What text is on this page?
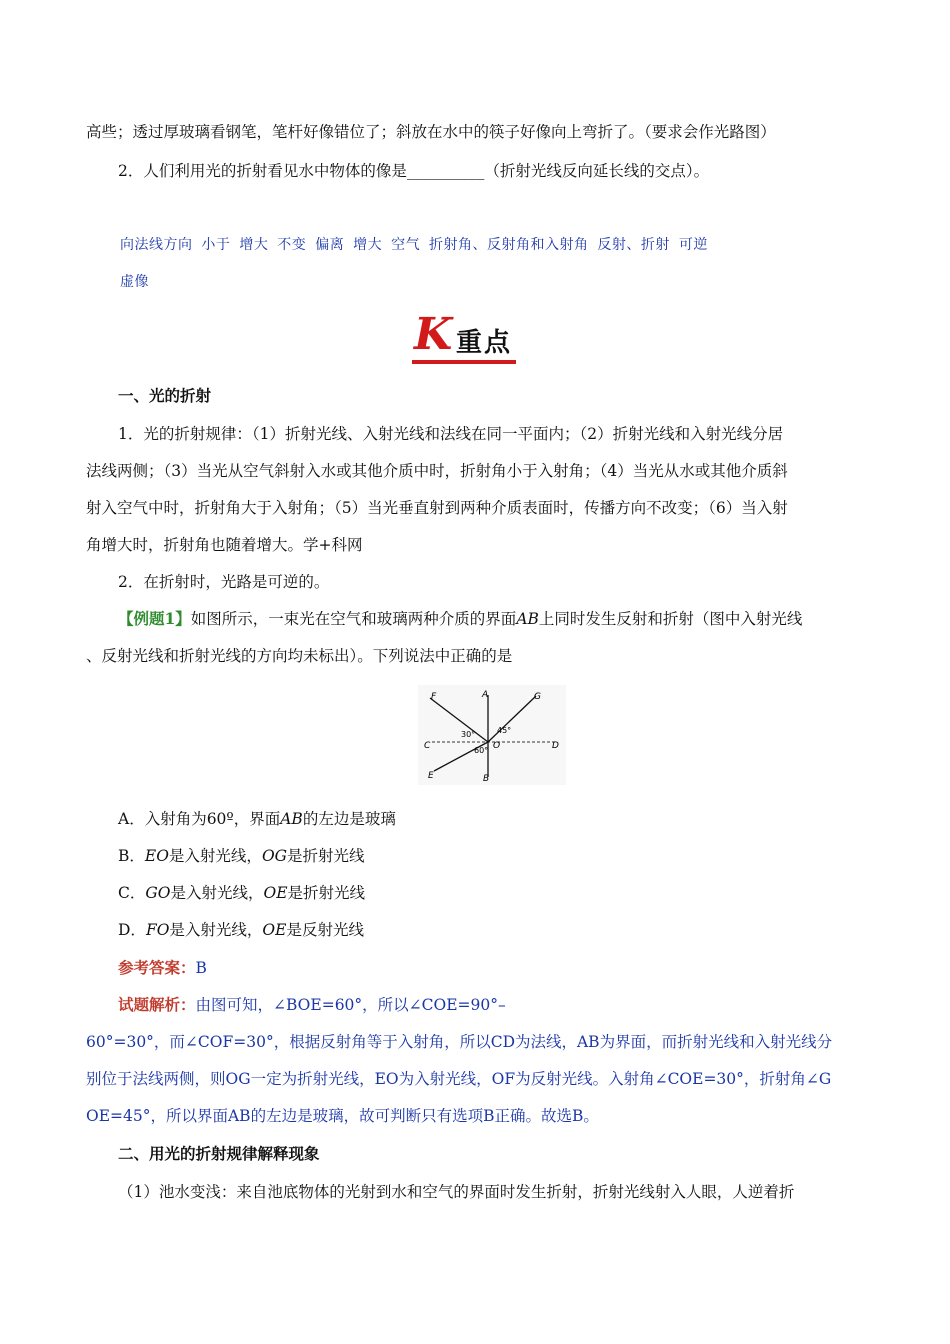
高些；透过厚玻璃看钢笔，笔杆好像错位了；斜放在水中的筷子好像向上弯折了。（要求会作光路图）
2．人们利用光的折射看见水中物体的像是__________（折射光线反向延长线的交点）。
向法线方向 小于 增大 不变 偏离 增大 空气 折射角、反射角和入射角 反射、折射 可逆
虚像
K 重点
一、光的折射
1．光的折射规律：（1）折射光线、入射光线和法线在同一平面内；（2）折射光线和入射光线分居
法线两侧；（3）当光从空气斜射入水或其他介质中时，折射角小于入射角；（4）当光从水或其他介质斜
射入空气中时，折射角大于入射角；（5）当光垂直射到两种介质表面时，传播方向不改变；（6）当入射
角增大时，折射角也随着增大。学+科网
2．在折射时，光路是可逆的。
【例题1】如图所示，一束光在空气和玻璃两种介质的界面AB上同时发生反射和折射（图中入射光线
、反射光线和折射光线的方向均未标出）。下列说法中正确的是
F	A	G
C	O	D
E	B
30°	45°
60°
A．入射角为60º，界面AB的左边是玻璃
B．EO是入射光线，OG是折射光线
C．GO是入射光线，OE是折射光线
D．FO是入射光线，OE是反射光线
参考答案：B
试题解析：由图可知，∠BOE=60°，所以∠COE=90°–
60°=30°，而∠COF=30°，根据反射角等于入射角，所以CD为法线，AB为界面，而折射光线和入射光线分
别位于法线两侧，则OG一定为折射光线，EO为入射光线，OF为反射光线。入射角∠COE=30°，折射角∠G
OE=45°，所以界面AB的左边是玻璃，故可判断只有选项B正确。故选B。
二、用光的折射规律解释现象
（1）池水变浅：来自池底物体的光射到水和空气的界面时发生折射，折射光线射入人眼，人逆着折
